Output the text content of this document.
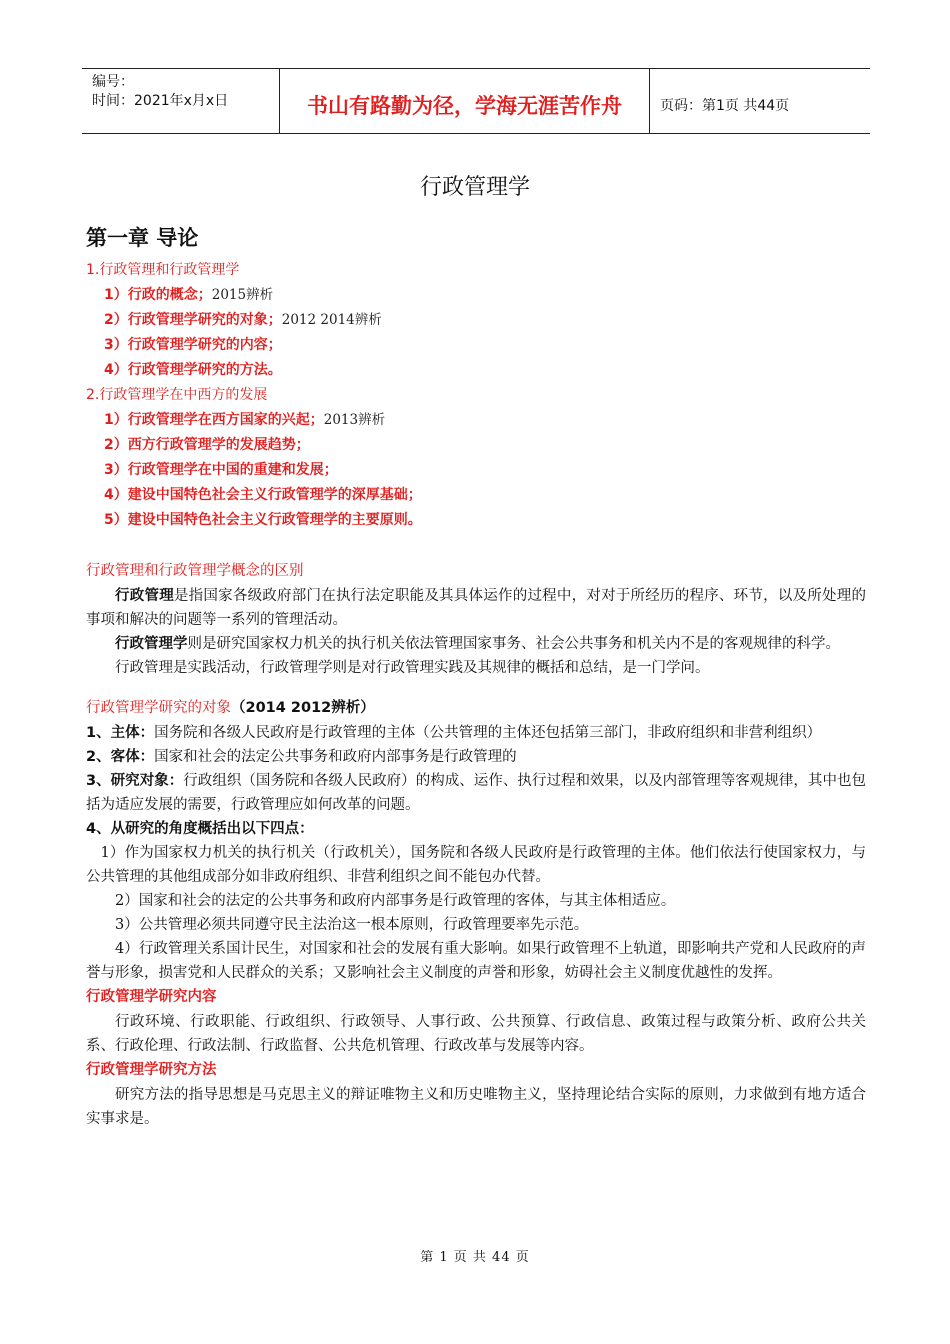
编号：
时间：2021年x月x日	书山有路勤为径，学海无涯苦作舟	页码：第1页 共44页
行政管理学
第一章 导论
1.行政管理和行政管理学
1）行政的概念；2015辨析
2）行政管理学研究的对象；2012 2014辨析
3）行政管理学研究的内容；
4）行政管理学研究的方法。
2.行政管理学在中西方的发展
1）行政管理学在西方国家的兴起；2013辨析
2）西方行政管理学的发展趋势；
3）行政管理学在中国的重建和发展；
4）建设中国特色社会主义行政管理学的深厚基础；
5）建设中国特色社会主义行政管理学的主要原则。
行政管理和行政管理学概念的区别

行政管理是指国家各级政府部门在执行法定职能及其具体运作的过程中，对对于所经历的程序、环节，以及所处理的事项和解决的问题等一系列的管理活动。

行政管理学则是研究国家权力机关的执行机关依法管理国家事务、社会公共事务和机关内不是的客观规律的科学。

行政管理是实践活动，行政管理学则是对行政管理实践及其规律的概括和总结，是一门学问。

行政管理学研究的对象（2014 2012辨析）

1、主体：国务院和各级人民政府是行政管理的主体（公共管理的主体还包括第三部门，非政府组织和非营利组织）

2、客体：国家和社会的法定公共事务和政府内部事务是行政管理的

3、研究对象：行政组织（国务院和各级人民政府）的构成、运作、执行过程和效果，以及内部管理等客观规律，其中也包括为适应发展的需要，行政管理应如何改革的问题。

4、从研究的角度概括出以下四点：

1）作为国家权力机关的执行机关（行政机关），国务院和各级人民政府是行政管理的主体。他们依法行使国家权力，与公共管理的其他组成部分如非政府组织、非营利组织之间不能包办代替。

2）国家和社会的法定的公共事务和政府内部事务是行政管理的客体，与其主体相适应。

3）公共管理必须共同遵守民主法治这一根本原则，行政管理要率先示范。

4）行政管理关系国计民生，对国家和社会的发展有重大影响。如果行政管理不上轨道，即影响共产党和人民政府的声誉与形象，损害党和人民群众的关系；又影响社会主义制度的声誉和形象，妨碍社会主义制度优越性的发挥。

行政管理学研究内容

行政环境、行政职能、行政组织、行政领导、人事行政、公共预算、行政信息、政策过程与政策分析、政府公共关系、行政伦理、行政法制、行政监督、公共危机管理、行政改革与发展等内容。

行政管理学研究方法

研究方法的指导思想是马克思主义的辩证唯物主义和历史唯物主义，坚持理论结合实际的原则，力求做到有地方适合实事求是。

第 1 页 共 44 页
